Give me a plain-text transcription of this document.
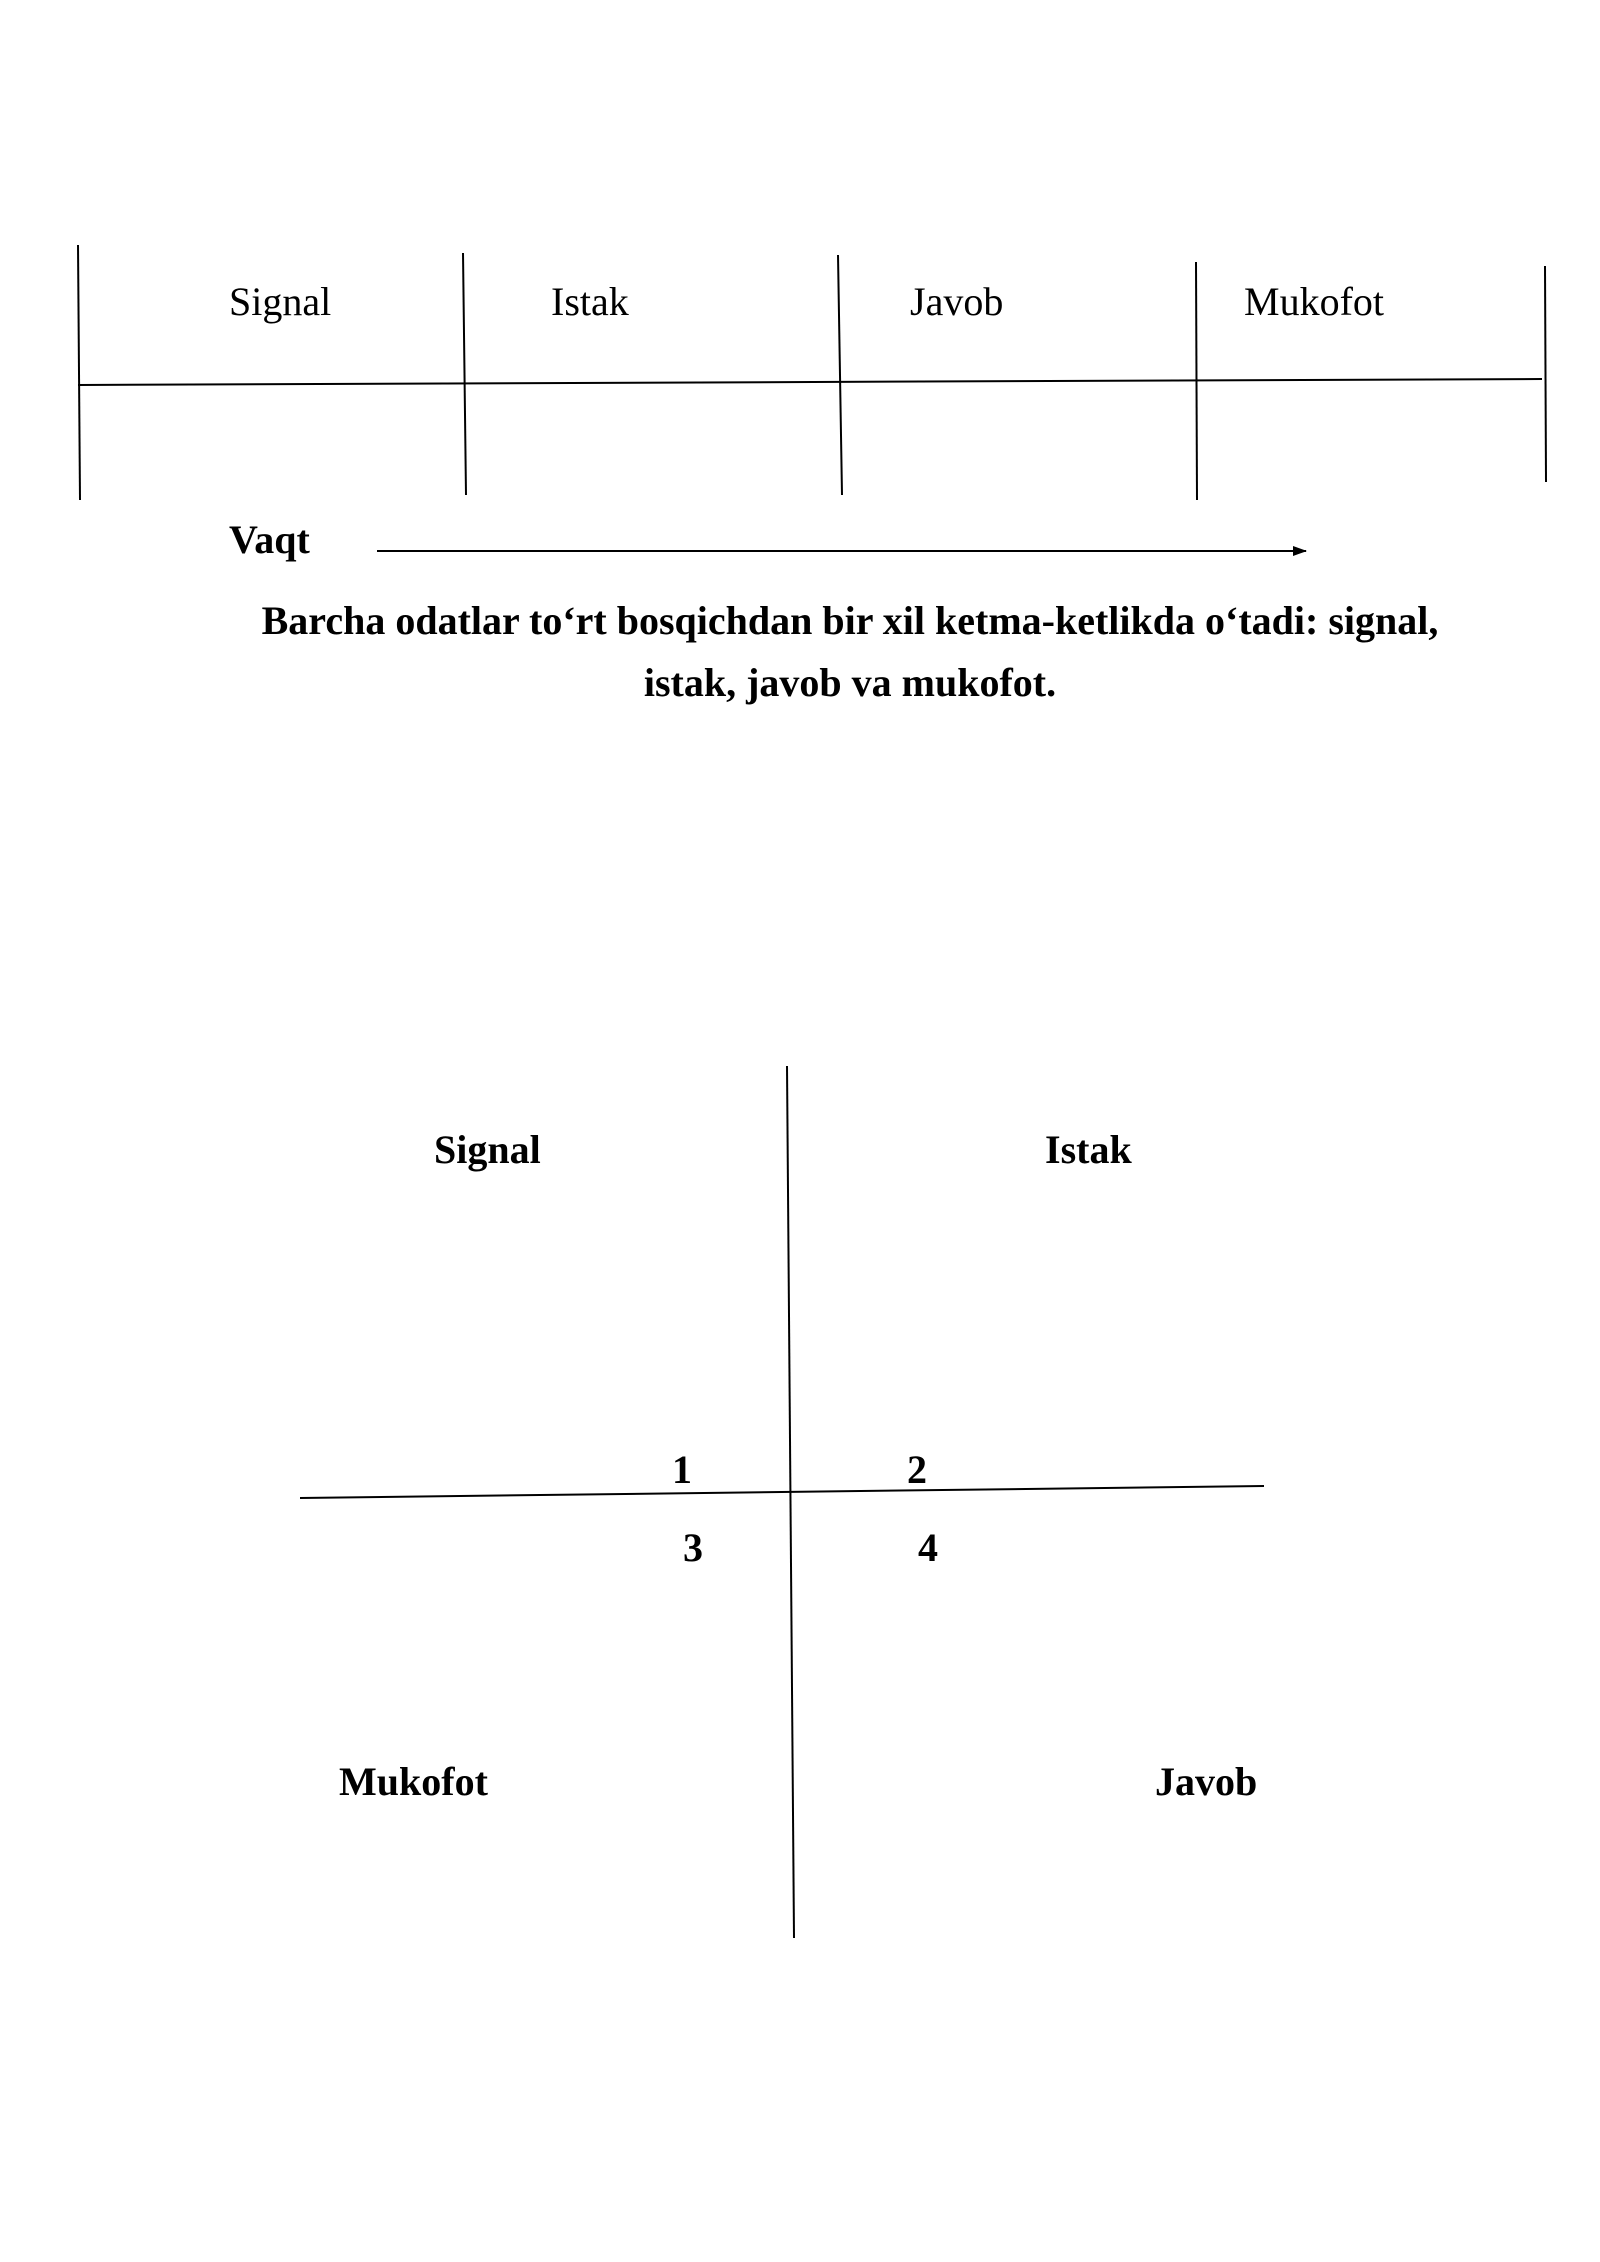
Signal	Istak	Javob	Mukofot
Vaqt
Barcha odatlar to‘rt bosqichdan bir xil ketma-ketlikda o‘tadi: signal,
istak, javob va mukofot.
Signal	Istak
Mukofot	Javob
1	2
3	4
